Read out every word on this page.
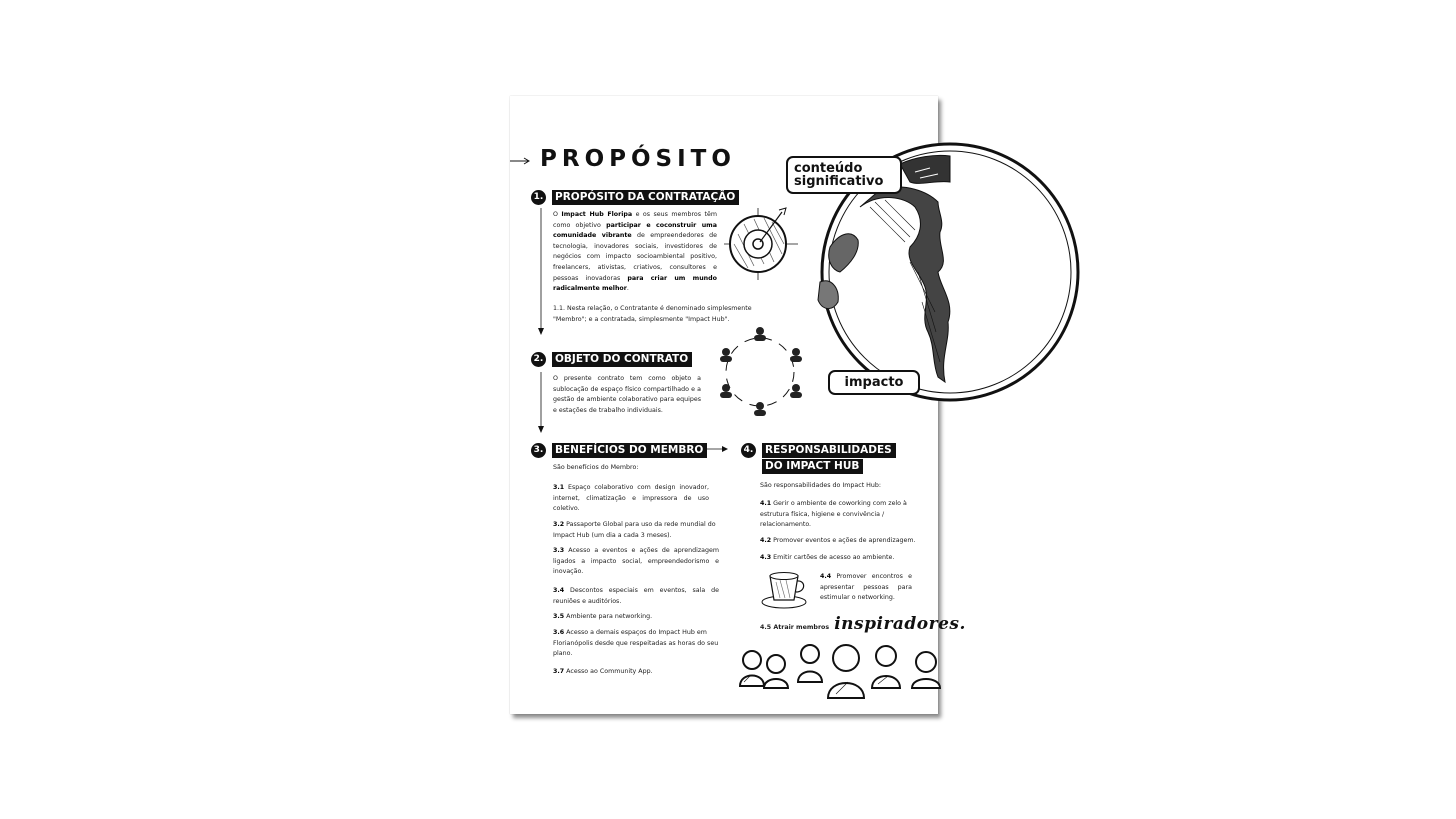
PROPÓSITO	conteúdo
significativo
impacto
1. PROPÓSITO DA CONTRATAÇÃO
O Impact Hub Floripa e os seus membros têm como objetivo participar e coconstruir uma comunidade vibrante de empreendedores de tecnologia, inovadores sociais, investidores de negócios com impacto socioambiental positivo, freelancers, ativistas, criativos, consultores e pessoas inovadoras para criar um mundo radicalmente melhor.
1.1. Nesta relação, o Contratante é denominado simplesmente "Membro"; e a contratada, simplesmente "Impact Hub".
2. OBJETO DO CONTRATO
O presente contrato tem como objeto a sublocação de espaço físico compartilhado e a gestão de ambiente colaborativo para equipes e estações de trabalho individuais.
3. BENEFÍCIOS DO MEMBRO
São benefícios do Membro:
3.1 Espaço colaborativo com design inovador, internet, climatização e impressora de uso coletivo.
3.2 Passaporte Global para uso da rede mundial do Impact Hub (um dia a cada 3 meses).
3.3 Acesso a eventos e ações de aprendizagem ligados a impacto social, empreendedorismo e inovação.
3.4 Descontos especiais em eventos, sala de reuniões e auditórios.
3.5 Ambiente para networking.
3.6 Acesso a demais espaços do Impact Hub em Florianópolis desde que respeitadas as horas do seu plano.
3.7 Acesso ao Community App.
4. RESPONSABILIDADES
DO IMPACT HUB
São responsabilidades do Impact Hub:
4.1 Gerir o ambiente de coworking com zelo à estrutura física, higiene e convivência / relacionamento.
4.2 Promover eventos e ações de aprendizagem.
4.3 Emitir cartões de acesso ao ambiente.
4.4 Promover encontros e apresentar pessoas para estimular o networking.
4.5 Atrair membros inspiradores.
